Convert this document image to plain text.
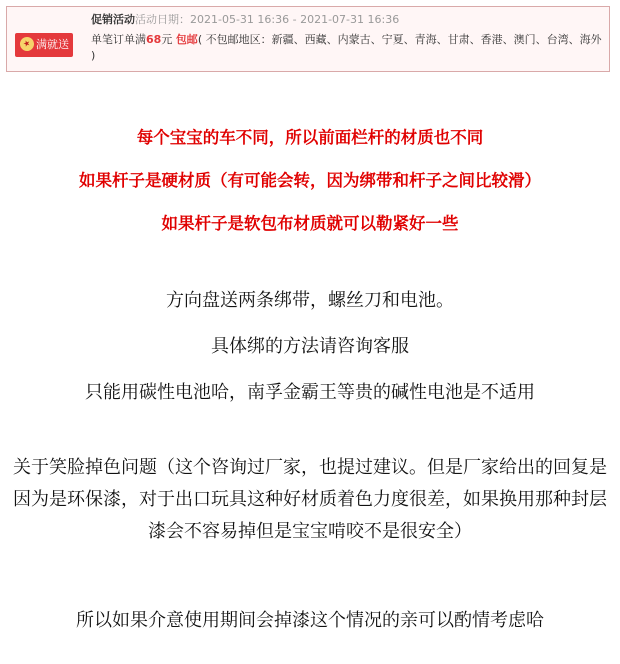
★ 满就送
促销活动活动日期：2021-05-31 16:36 - 2021-07-31 16:36
单笔订单满68元 包邮( 不包邮地区：新疆、西藏、内蒙古、宁夏、青海、甘肃、香港、澳门、台湾、海外 )
每个宝宝的车不同，所以前面栏杆的材质也不同
如果杆子是硬材质（有可能会转，因为绑带和杆子之间比较滑）
如果杆子是软包布材质就可以勒紧好一些
方向盘送两条绑带，螺丝刀和电池。
具体绑的方法请咨询客服
只能用碳性电池哈，南孚金霸王等贵的碱性电池是不适用
关于笑脸掉色问题（这个咨询过厂家，也提过建议。但是厂家给出的回复是因为是环保漆，对于出口玩具这种好材质着色力度很差，如果换用那种封层漆会不容易掉但是宝宝啃咬不是很安全）
所以如果介意使用期间会掉漆这个情况的亲可以酌情考虑哈
